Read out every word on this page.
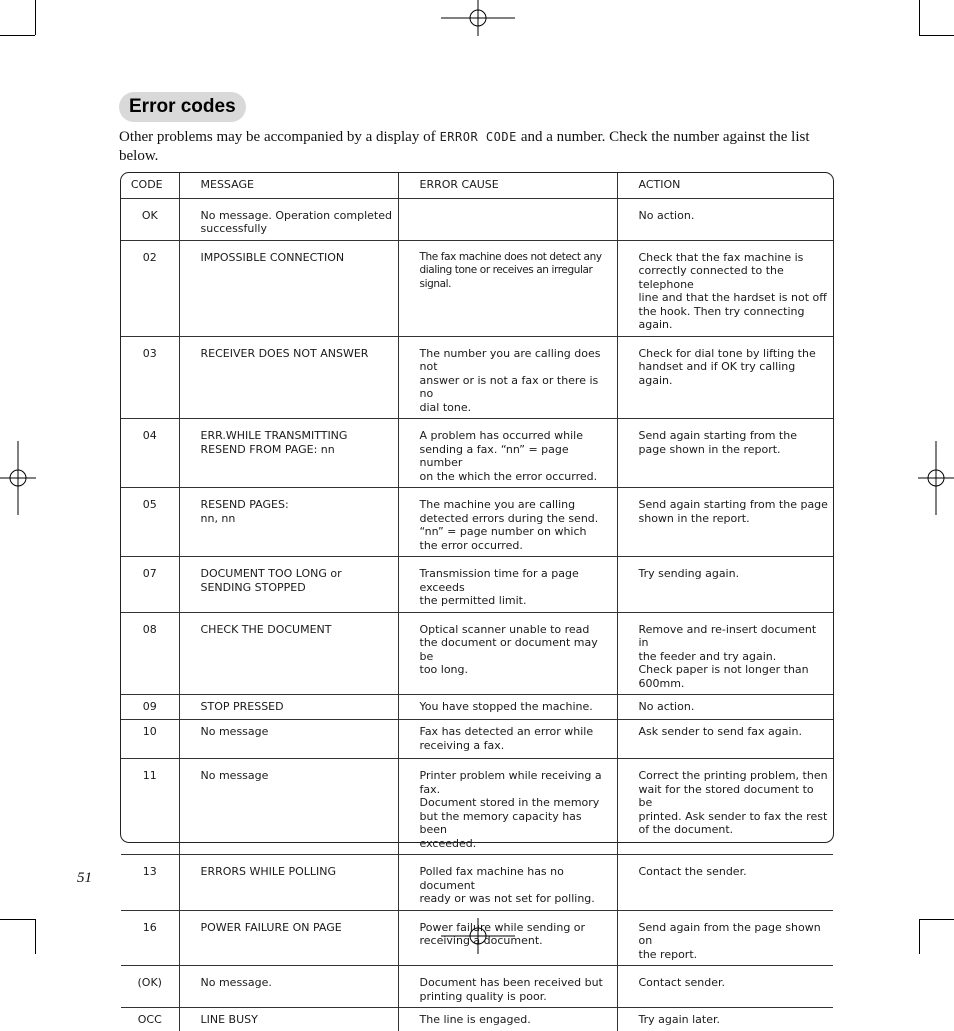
Error codes

Other problems may be accompanied by a display of ERROR CODE and a number. Check the number against the list below.

CODE	MESSAGE	ERROR CAUSE	ACTION
OK	No message. Operation completed
successfully		No action.
02	IMPOSSIBLE CONNECTION	The fax machine does not detect any
dialing tone or receives an irregular signal.	Check that the fax machine is
correctly connected to the telephone
line and that the hardset is not off
the hook. Then try connecting again.
03	RECEIVER DOES NOT ANSWER	The number you are calling does not
answer or is not a fax or there is no
dial tone.	Check for dial tone by lifting the
handset and if OK try calling again.
04	ERR.WHILE TRANSMITTING
RESEND FROM PAGE: nn	A problem has occurred while
sending a fax. “nn” = page number
on the which the error occurred.	Send again starting from the
page shown in the report.
05	RESEND PAGES:
nn, nn	The machine you are calling
detected errors during the send.
“nn” = page number on which
the error occurred.	Send again starting from the page
shown in the report.
07	DOCUMENT TOO LONG or
SENDING STOPPED	Transmission time for a page exceeds
the permitted limit.	Try sending again.
08	CHECK THE DOCUMENT	Optical scanner unable to read
the document or document may be
too long.	Remove and re-insert document in
the feeder and try again.
Check paper is not longer than
600mm.
09	STOP PRESSED	You have stopped the machine.	No action.
10	No message	Fax has detected an error while
receiving a fax.	Ask sender to send fax again.
11	No message	Printer problem while receiving a fax.
Document stored in the memory
but the memory capacity has been
exceeded.	Correct the printing problem, then
wait for the stored document to be
printed. Ask sender to fax the rest
of the document.
13	ERRORS WHILE POLLING	Polled fax machine has no document
ready or was not set for polling.	Contact the sender.
16	POWER FAILURE ON PAGE	Power failure while sending or
receiving a document.	Send again from the page shown on
the report.
(OK)	No message.	Document has been received but
printing quality is poor.	Contact sender.
OCC	LINE BUSY	The line is engaged.	Try again later.
51
